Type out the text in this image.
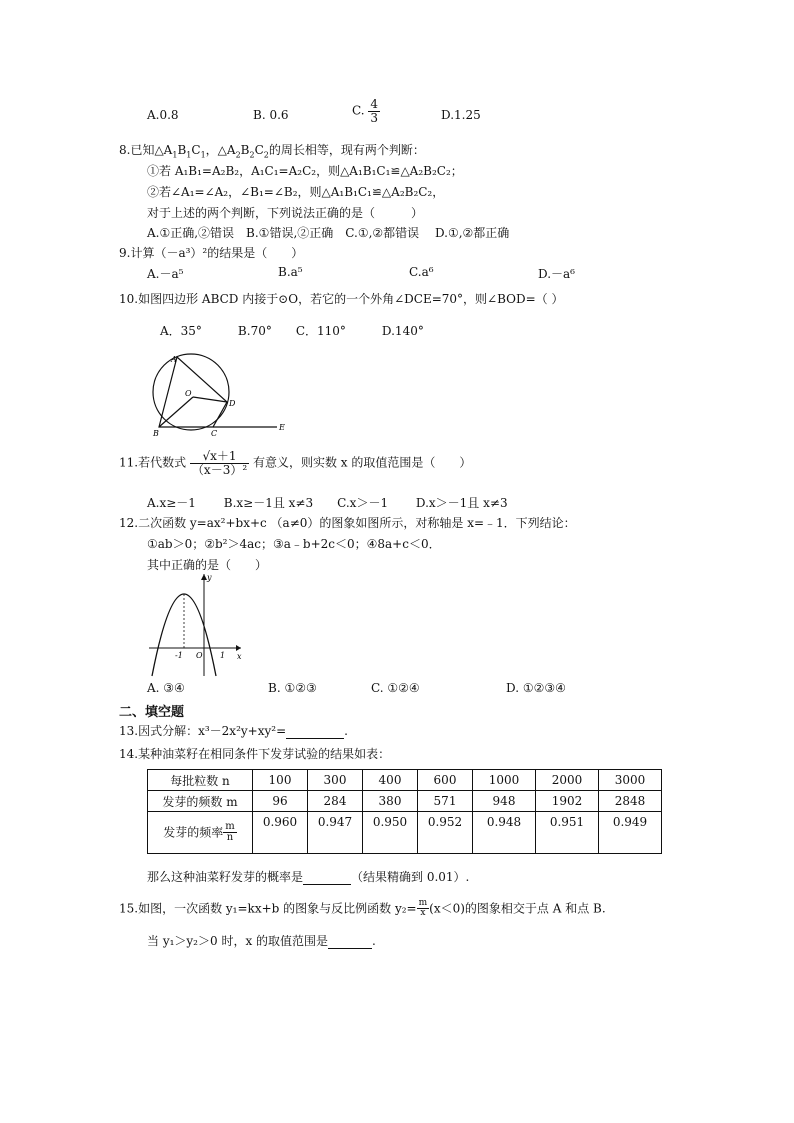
A.0.8	B. 0.6	C. $\frac{4}{3}$	D.1.25
8.已知$\triangle A_1B_1C_1$，$\triangle A_2B_2C_2$的周长相等，现有两个判断：
①若 A₁B₁=A₂B₂，A₁C₁=A₂C₂，则△A₁B₁C₁≌△A₂B₂C₂；
②若∠A₁=∠A₂，∠B₁=∠B₂，则△A₁B₁C₁≌△A₂B₂C₂，
对于上述的两个判断，下列说法正确的是（　　　）
A.①正确,②错误　B.①错误,②正确　C.①,②都错误　 D.①,②都正确
9.计算（－a³）²的结果是（　　）
A.－a⁵	B.a⁵	C.a⁶	D.－a⁶
10.如图四边形 ABCD 内接于⊙O，若它的一个外角∠DCE=70°，则∠BOD=（ ）
A．35°　　　B.70°　　C．110°　　　D.140°
A
B	C
D
E
O
11.若代数式 $\frac{√x+1}{\text{（x－3）²}}$ 有意义，则实数 x 的取值范围是（　　）
A.x≥－1　　 B.x≥－1且 x≠3　　C.x＞－1　　 D.x＞－1且 x≠3
12.二次函数 y=ax²+bx+c （a≠0）的图象如图所示，对称轴是 x=﹣1．下列结论：
①ab＞0；②b²＞4ac；③a﹣b+2c＜0；④8a+c＜0．
其中正确的是（　　）
y
x
-1 O 1
A. ③④	B. ①②③	C. ①②④	D. ①②③④
二、填空题
13.因式分解：x³－2x²y+xy²=	.
14.某种油菜籽在相同条件下发芽试验的结果如表：
每批粒数 n	100	300	400	600	1000	2000	3000
发芽的频数 m	96	284	380	571	948	1902	2848
发芽的频率 $\frac{m}{n}$	0.960	0.947	0.950	0.952	0.948	0.951	0.949
那么这种油菜籽发芽的概率是	（结果精确到 0.01）.
15.如图，一次函数 y₁=kx+b 的图象与反比例函数 $y_2= \frac{m}{x} (x<0)$的图象相交于点 A 和点 B.
当 y₁＞y₂＞0 时，x 的取值范围是	.
